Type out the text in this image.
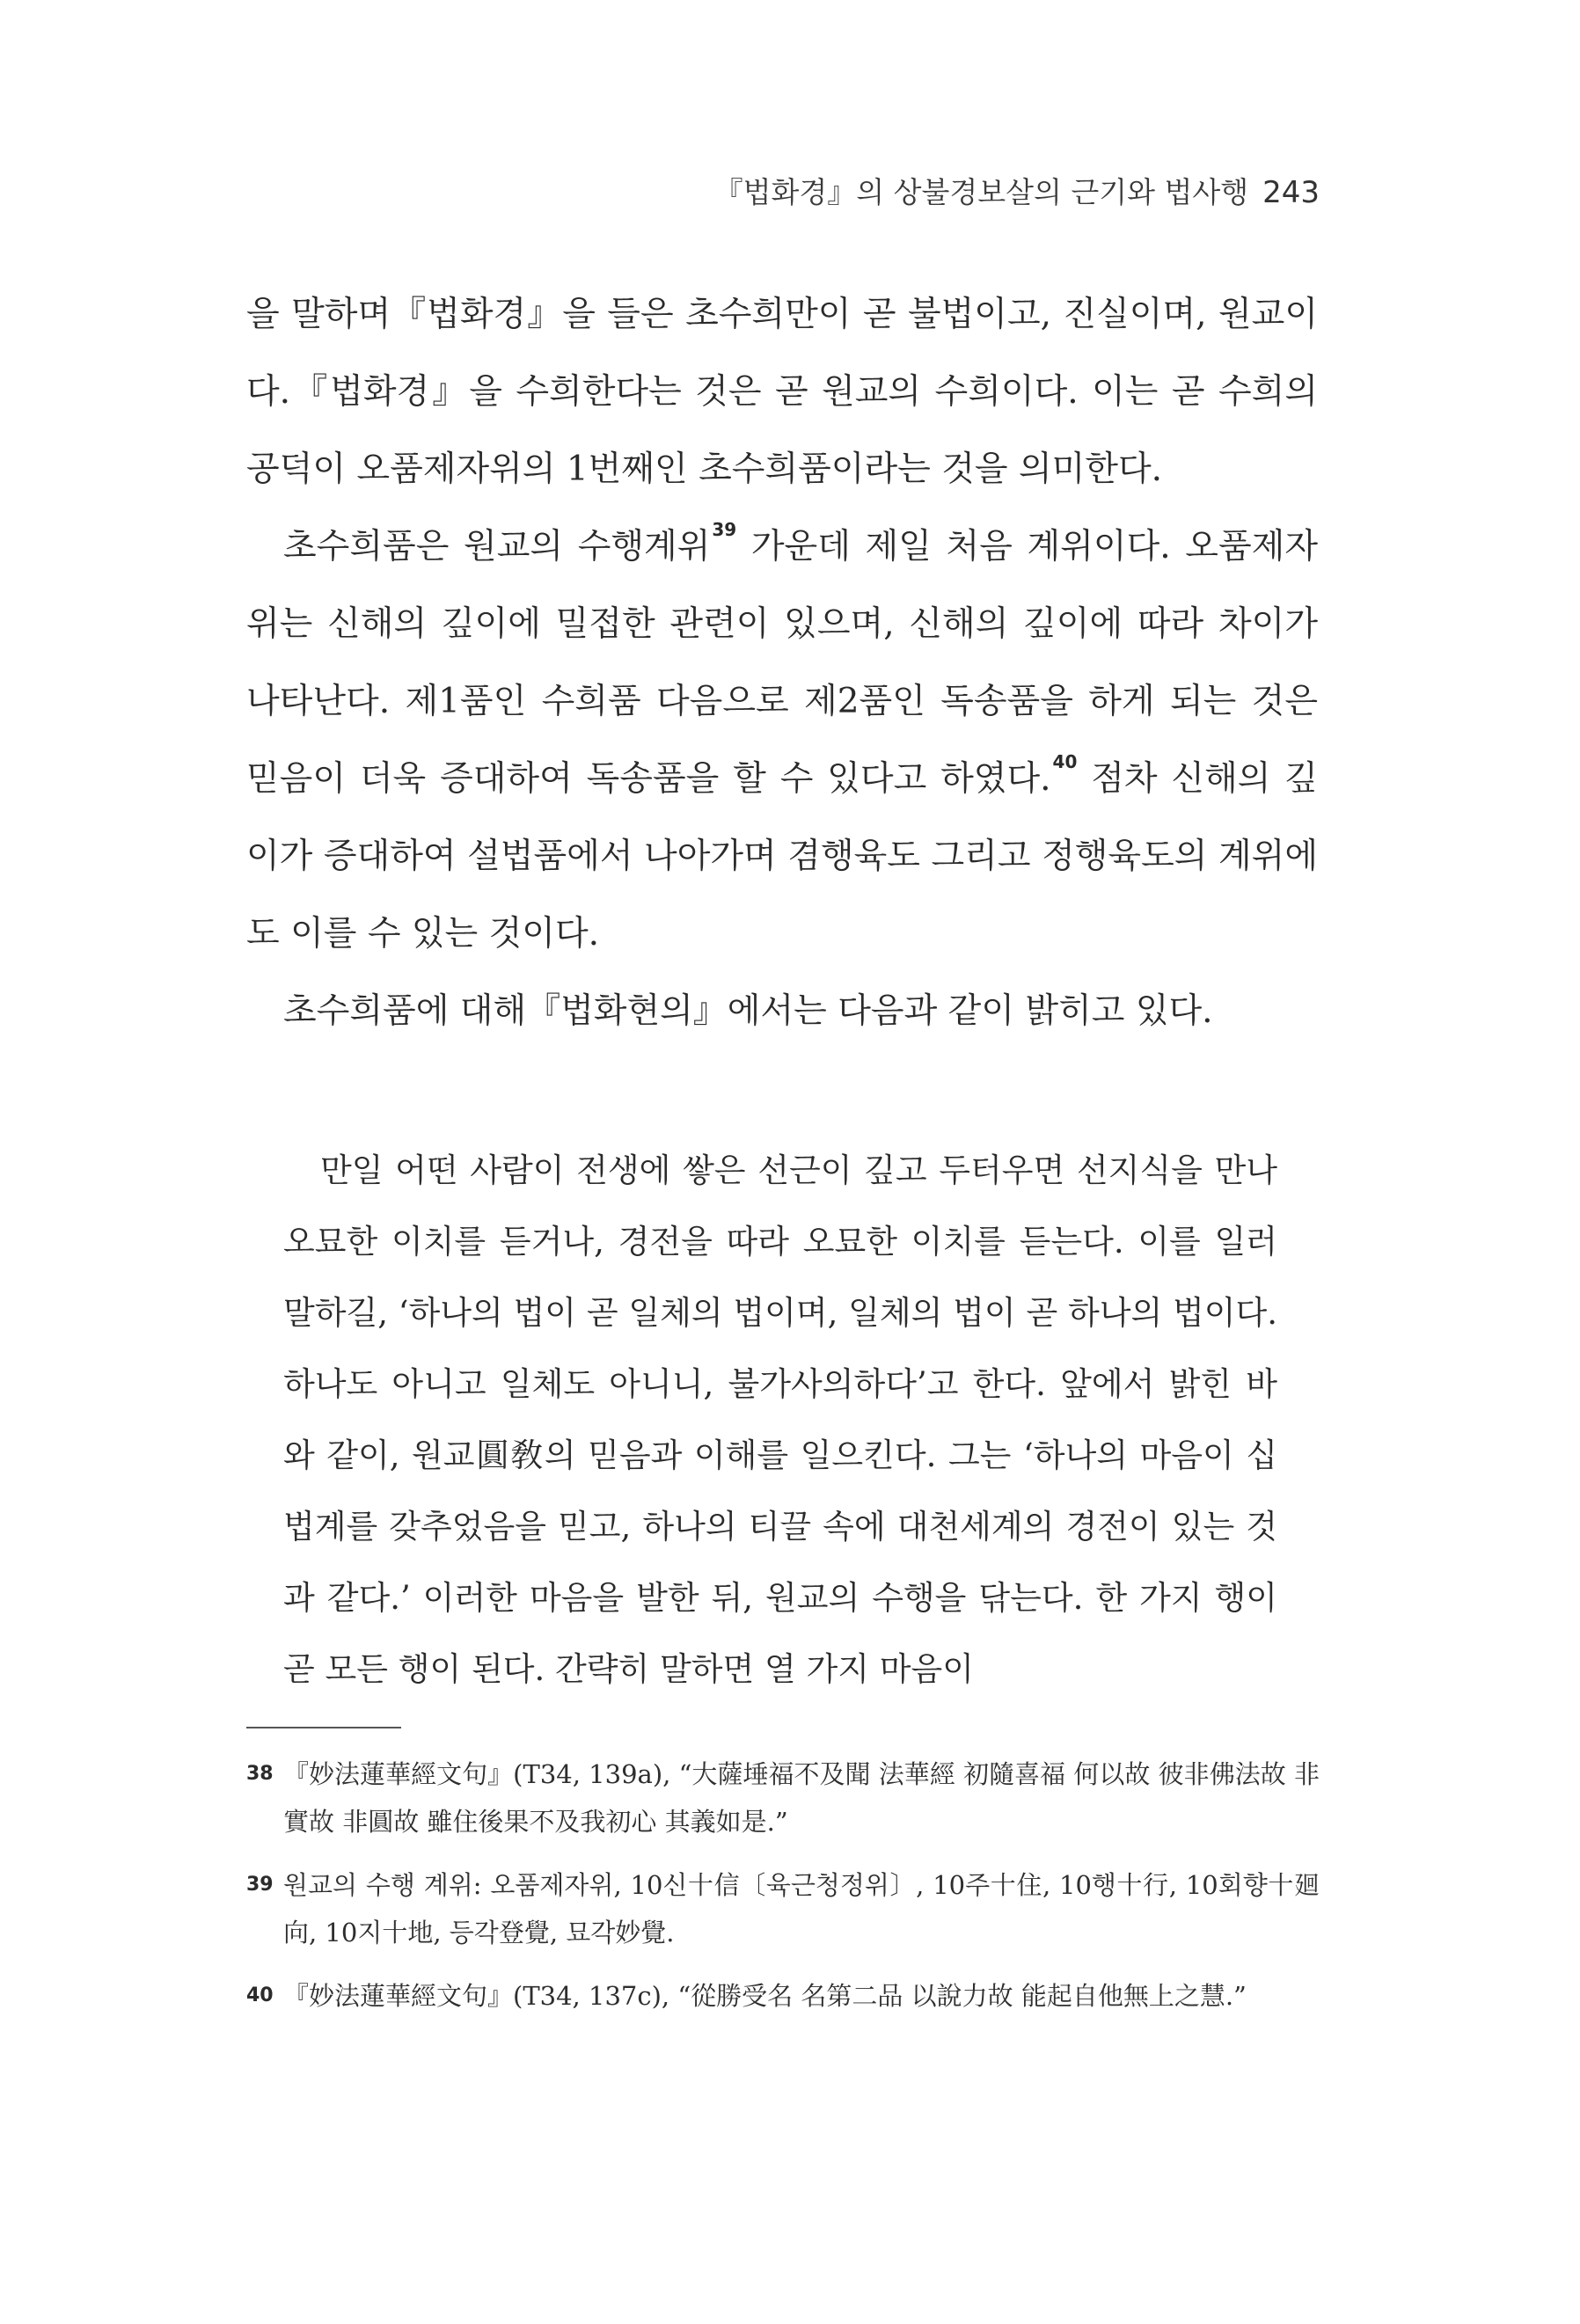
『법화경』의 상불경보살의 근기와 법사행 243

을 말하며『법화경』을 들은 초수희만이 곧 불법이고, 진실이며, 원교이다.『법화경』을 수희한다는 것은 곧 원교의 수희이다. 이는 곧 수희의 공덕이 오품제자위의 1번째인 초수희품이라는 것을 의미한다.

초수희품은 원교의 수행계위 $^{39}$ 가운데 제일 처음 계위이다. 오품제자위는 신해의 깊이에 밀접한 관련이 있으며, 신해의 깊이에 따라 차이가 나타난다. 제1품인 수희품 다음으로 제2품인 독송품을 하게 되는 것은 믿음이 더욱 증대하여 독송품을 할 수 있다고 하였다. $^{40}$ 점차 신해의 깊이가 증대하여 설법품에서 나아가며 겸행육도 그리고 정행육도의 계위에도 이를 수 있는 것이다.

초수희품에 대해『법화현의』에서는 다음과 같이 밝히고 있다.

만일 어떤 사람이 전생에 쌓은 선근이 깊고 두터우면 선지식을 만나 오묘한 이치를 듣거나, 경전을 따라 오묘한 이치를 듣는다. 이를 일러 말하길, ‘하나의 법이 곧 일체의 법이며, 일체의 법이 곧 하나의 법이다. 하나도 아니고 일체도 아니니, 불가사의하다’고 한다. 앞에서 밝힌 바와 같이, 원교圓敎의 믿음과 이해를 일으킨다. 그는 ‘하나의 마음이 십법계를 갖추었음을 믿고, 하나의 티끌 속에 대천세계의 경전이 있는 것과 같다.’ 이러한 마음을 발한 뒤, 원교의 수행을 닦는다. 한 가지 행이 곧 모든 행이 된다. 간략히 말하면 열 가지 마음이

38 『妙法蓮華經文句』(T34, 139a), “大薩埵福不及聞 法華經 初隨喜福 何以故 彼非佛法故 非實故 非圓故 雖住後果不及我初心 其義如是.”
39 원교의 수행 계위: 오품제자위, 10신十信〔육근청정위〕, 10주十住, 10행十行, 10회향十廻向, 10지十地, 등각登覺, 묘각妙覺.
40 『妙法蓮華經文句』(T34, 137c), “從勝受名 名第二品 以說力故 能起自他無上之慧.”
